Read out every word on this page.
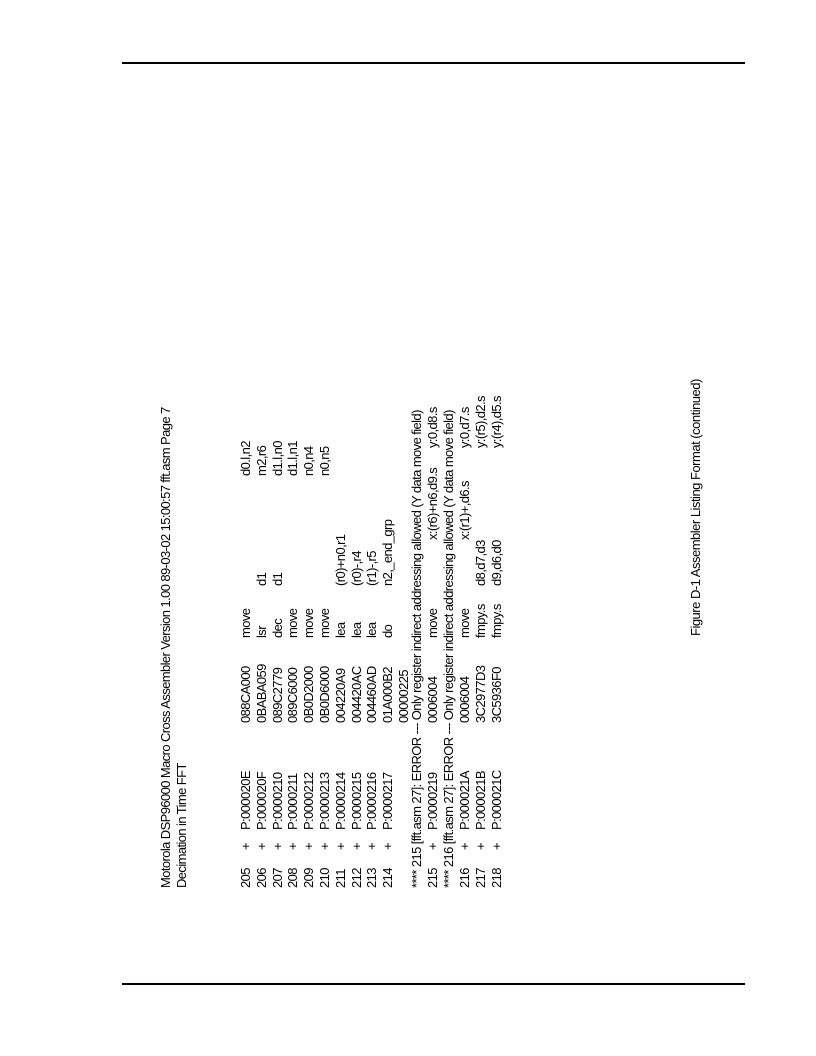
Motorola DSP96000 Macro Cross Assembler Version 1.00 89-03-02 15:00:57 fft.asm Page 7 Decimation in Time FFT	205
+
P:000020E
088CA000
move
d0.l,n2
206
+
P:000020F
0BABA059
lsr
d1
m2,r6
207
+
P:0000210
089C2779
dec
d1
d1.l,n0
208
+
P:0000211
089C6000
move
d1.l,n1
209
+
P:0000212
0B0D2000
move
n0,n4
210
+
P:0000213
0B0D6000
move
n0,n5
211
+
P:0000214
004220A9
lea
(r0)+n0,r1
212
+
P:0000215
004420AC
lea
(r0)-,r4
213
+
P:0000216
004460AD
lea
(r1)-,r5
214
+
P:0000217
01A000B2
do
n2,_end_grp
00000225
**** 215 [fft.asm 27]: ERROR --- Only register indirect addressing allowed (Y data move field) 215
+
P:0000219
0006004
move
x:(r6)+n6,d9.s
y:0,d8.s **** 216 [fft.asm 27]: ERROR --- Only register indirect addressing allowed (Y data move field) 216
+
P:000021A
0006004
move
x:(r1)+,d6.s
y:0,d7.s
217
+
P:000021B
3C2977D3
fmpy.s
d8,d7,d3
y:(r5),d2.s
218
+
P:000021C
3C5936F0
fmpy.s
d9,d6,d0
y:(r4),d5.s	Figure D-1 Assembler Listing Format (continued)
